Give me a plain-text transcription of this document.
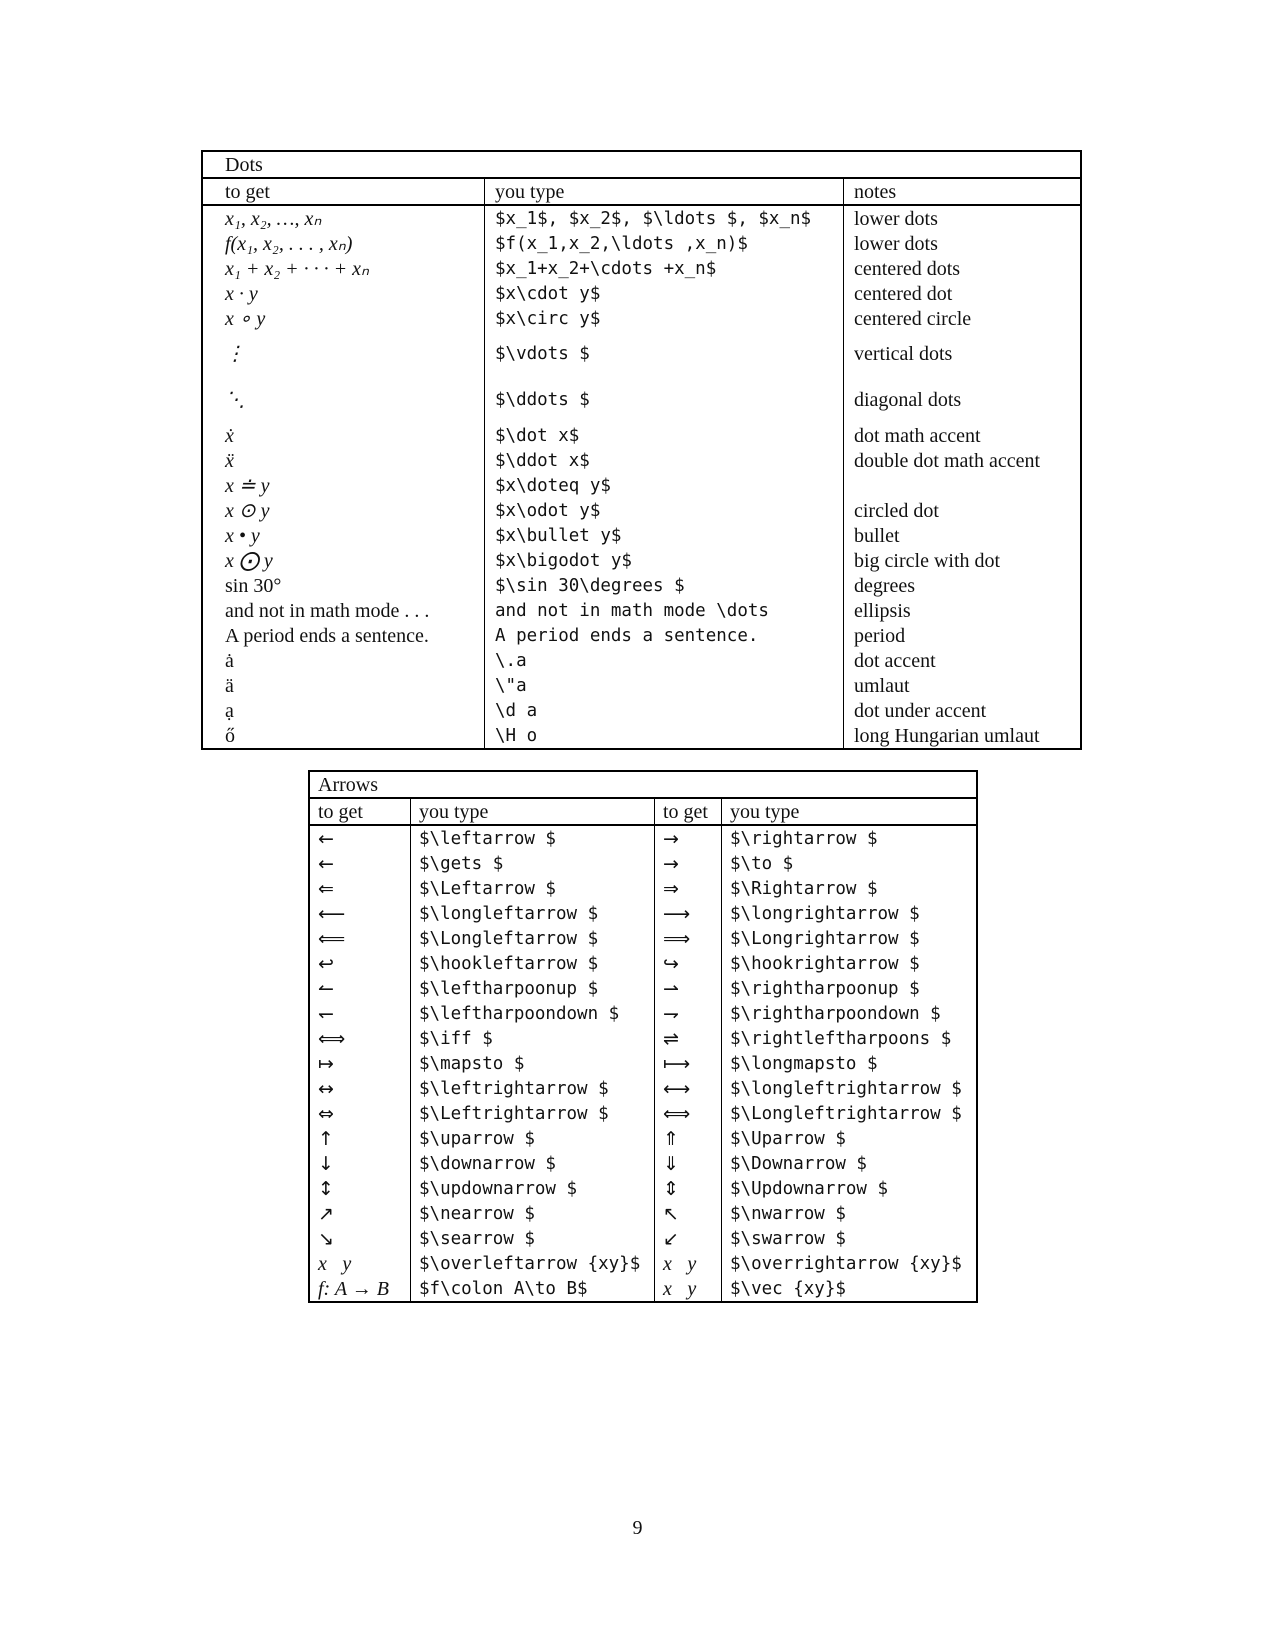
Dots		
to get	you type	notes
x₁, x₂, …, xₙ	$x_1$, $x_2$, $\ldots $, $x_n$	lower dots
f(x₁, x₂, . . . , xₙ)	$f(x_1,x_2,\ldots ,x_n)$	lower dots
x₁ + x₂ + · · · + xₙ	$x_1+x_2+\cdots +x_n$	centered dots
x · y	$x\cdot y$	centered dot
x ∘ y	$x\circ y$	centered circle
⋮	$\vdots $	vertical dots
⋱	$\ddots $	diagonal dots
ẋ	$\dot x$	dot math accent
ẍ	$\ddot x$	double dot math accent
x ≐ y	$x\doteq y$	
x ⊙ y	$x\odot y$	circled dot
x • y	$x\bullet y$	bullet
x ⨀ y	$x\bigodot y$	big circle with dot
sin 30°	$\sin 30\degrees $	degrees
and not in math mode . . .	and not in math mode \dots	ellipsis
A period ends a sentence.	A period ends a sentence.	period
ȧ	\.a	dot accent
ä	\"a	umlaut
ạ	\d a	dot under accent
ő	\H o	long Hungarian umlaut
Arrows			
to get	you type	to get	you type
←	$\leftarrow $	→	$\rightarrow $
←	$\gets $	→	$\to $
⇐	$\Leftarrow $	⇒	$\Rightarrow $
⟵	$\longleftarrow $	⟶	$\longrightarrow $
⟸	$\Longleftarrow $	⟹	$\Longrightarrow $
↩	$\hookleftarrow $	↪	$\hookrightarrow $
↼	$\leftharpoonup $	⇀	$\rightharpoonup $
↽	$\leftharpoondown $	⇁	$\rightharpoondown $
⟺	$\iff $	⇌	$\rightleftharpoons $
↦	$\mapsto $	⟼	$\longmapsto $
↔	$\leftrightarrow $	⟷	$\longleftrightarrow $
⇔	$\Leftrightarrow $	⟺	$\Longleftrightarrow $
↑	$\uparrow $	⇑	$\Uparrow $
↓	$\downarrow $	⇓	$\Downarrow $
↕	$\updownarrow $	⇕	$\Updownarrow $
↗	$\nearrow $	↖	$\nwarrow $
↘	$\searrow $	↙	$\swarrow $
x⃖y	$\overleftarrow {xy}$	x⃗y	$\overrightarrow {xy}$
f: A → B	$f\colon A\to B$	x⃗y	$\vec {xy}$
9
